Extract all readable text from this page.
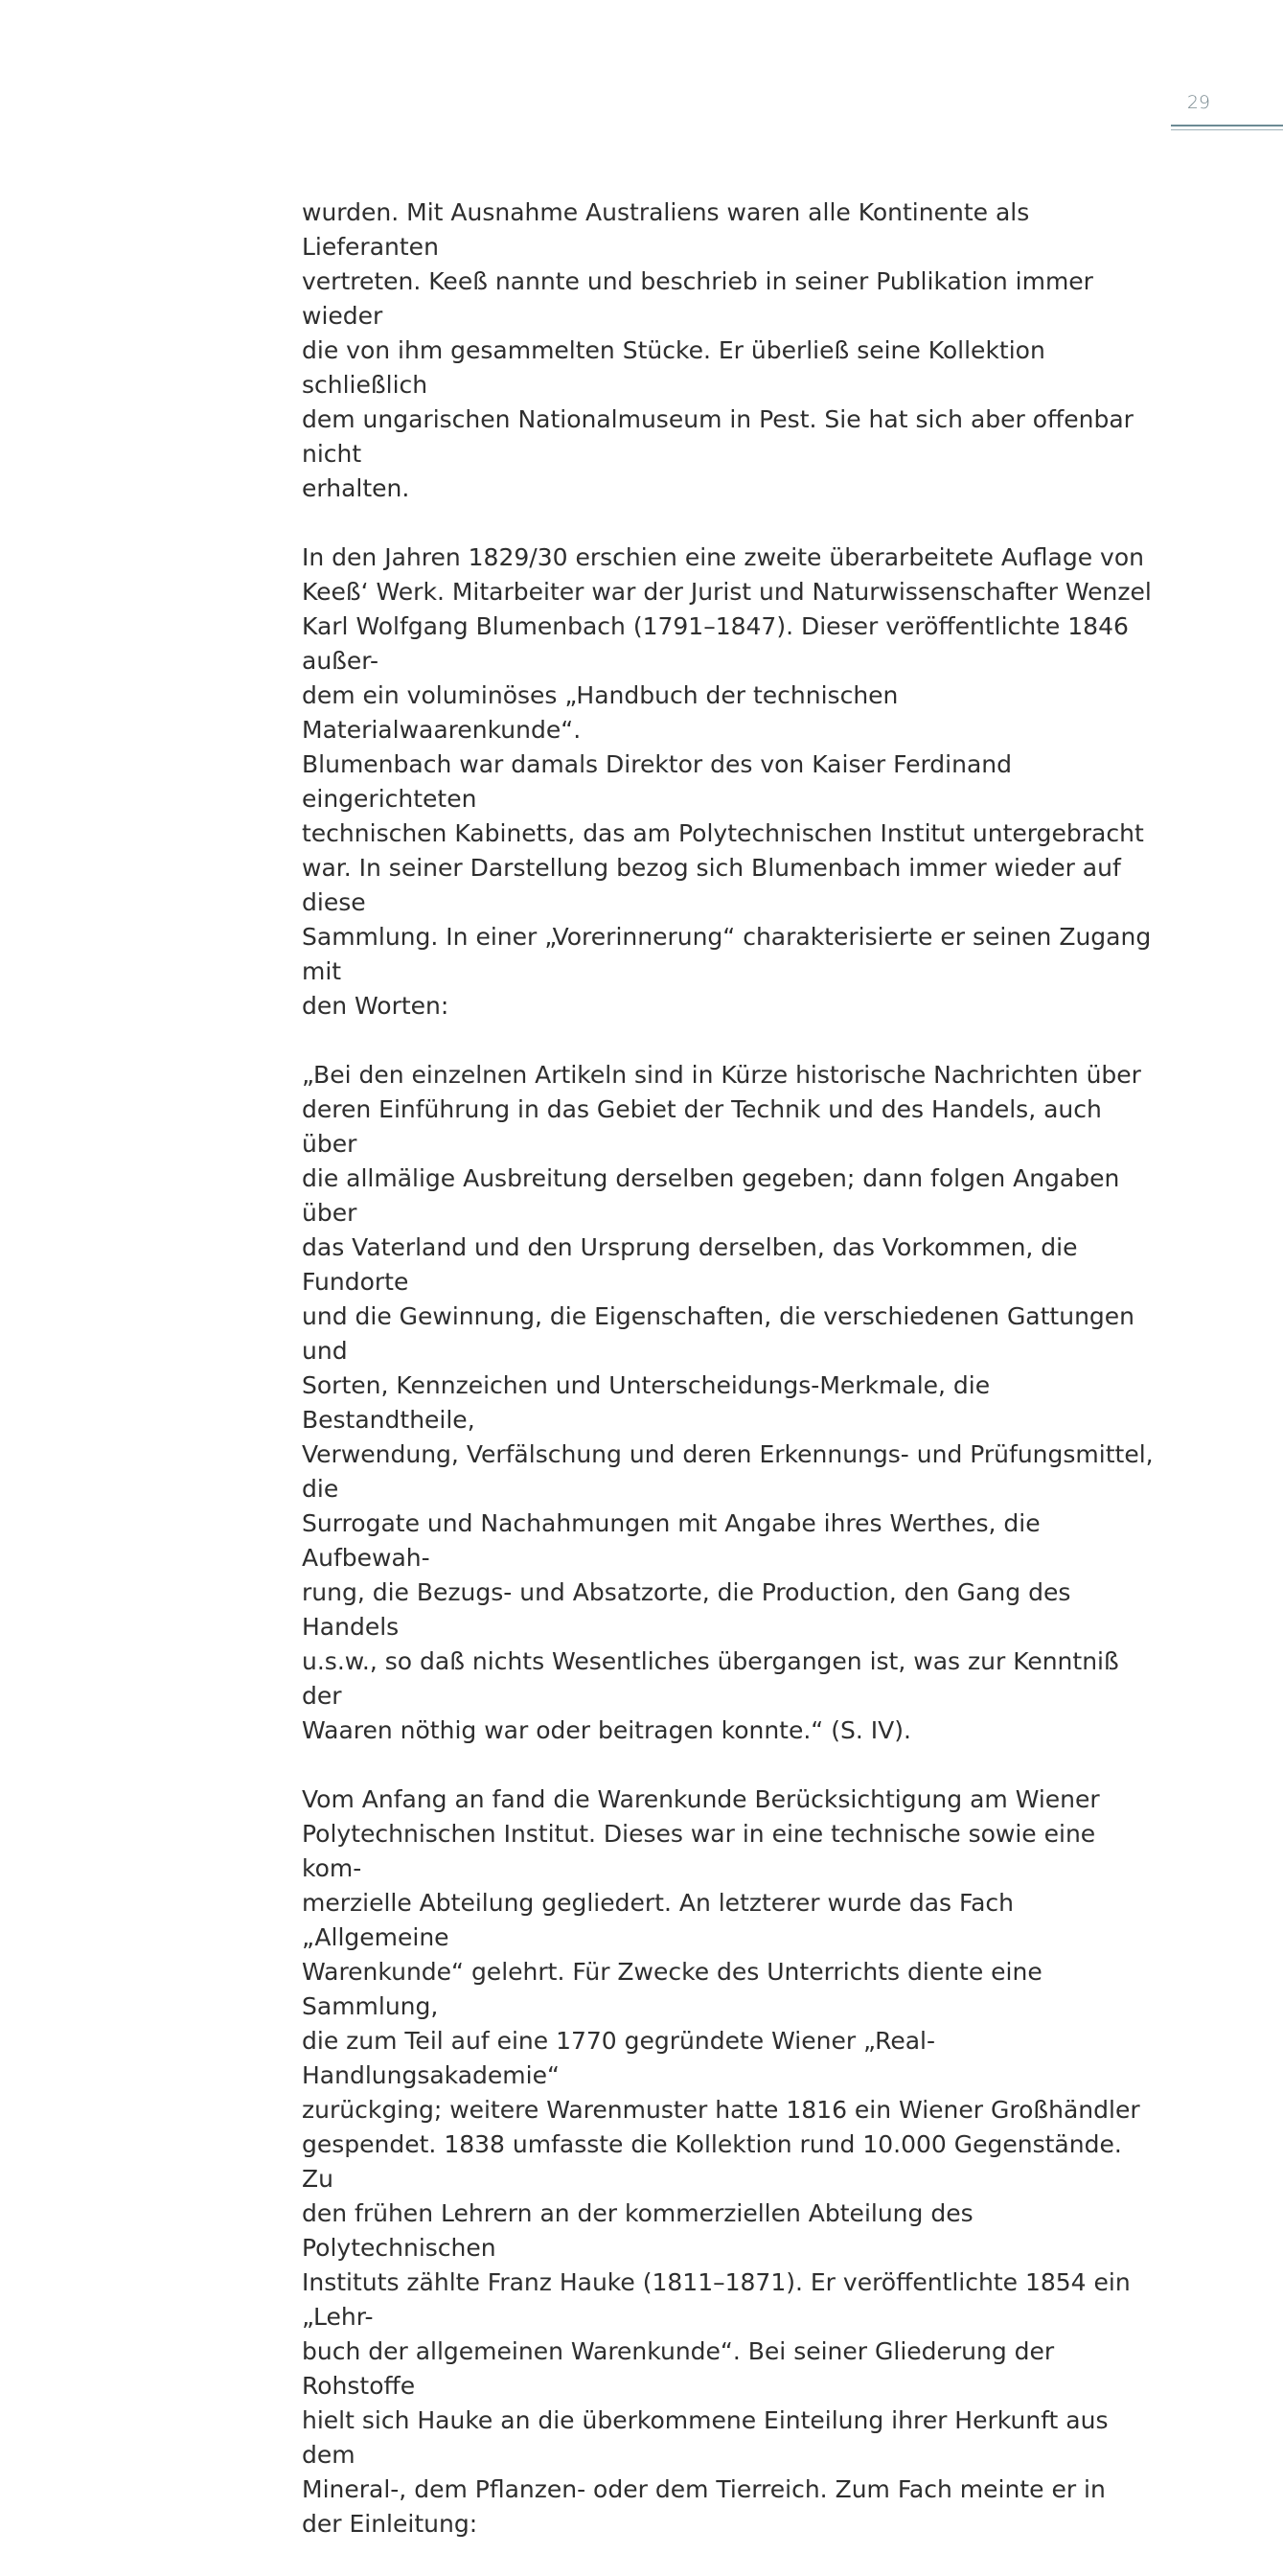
29

wurden. Mit Ausnahme Australiens waren alle Kontinente als Lieferanten
vertreten. Keeß nannte und beschrieb in seiner Publikation immer wieder
die von ihm gesammelten Stücke. Er überließ seine Kollektion schließlich
dem ungarischen Nationalmuseum in Pest. Sie hat sich aber offenbar nicht
erhalten.

In den Jahren 1829/30 erschien eine zweite überarbeitete Auflage von
Keeß‘ Werk. Mitarbeiter war der Jurist und Naturwissenschafter Wenzel
Karl Wolfgang Blumenbach (1791–1847). Dieser veröffentlichte 1846 außer-
dem ein voluminöses „Handbuch der technischen Materialwaarenkunde“.
Blumenbach war damals Direktor des von Kaiser Ferdinand eingerichteten
technischen Kabinetts, das am Polytechnischen Institut untergebracht
war. In seiner Darstellung bezog sich Blumenbach immer wieder auf diese
Sammlung. In einer „Vorerinnerung“ charakterisierte er seinen Zugang mit
den Worten:

„Bei den einzelnen Artikeln sind in Kürze historische Nachrichten über
deren Einführung in das Gebiet der Technik und des Handels, auch über
die allmälige Ausbreitung derselben gegeben; dann folgen Angaben über
das Vaterland und den Ursprung derselben, das Vorkommen, die Fundorte
und die Gewinnung, die Eigenschaften, die verschiedenen Gattungen und
Sorten, Kennzeichen und Unterscheidungs-Merkmale, die Bestandtheile,
Verwendung, Verfälschung und deren Erkennungs- und Prüfungsmittel, die
Surrogate und Nachahmungen mit Angabe ihres Werthes, die Aufbewah-
rung, die Bezugs- und Absatzorte, die Production, den Gang des Handels
u.s.w., so daß nichts Wesentliches übergangen ist, was zur Kenntniß der
Waaren nöthig war oder beitragen konnte.“ (S. IV).

Vom Anfang an fand die Warenkunde Berücksichtigung am Wiener
Polytechnischen Institut. Dieses war in eine technische sowie eine kom-
merzielle Abteilung gegliedert. An letzterer wurde das Fach „Allgemeine
Warenkunde“ gelehrt. Für Zwecke des Unterrichts diente eine Sammlung,
die zum Teil auf eine 1770 gegründete Wiener „Real-Handlungsakademie“
zurückging; weitere Warenmuster hatte 1816 ein Wiener Großhändler
gespendet. 1838 umfasste die Kollektion rund 10.000 Gegenstände. Zu
den frühen Lehrern an der kommerziellen Abteilung des Polytechnischen
Instituts zählte Franz Hauke (1811–1871). Er veröffentlichte 1854 ein „Lehr-
buch der allgemeinen Warenkunde“. Bei seiner Gliederung der Rohstoffe
hielt sich Hauke an die überkommene Einteilung ihrer Herkunft aus dem
Mineral-, dem Pflanzen- oder dem Tierreich. Zum Fach meinte er in
der Einleitung:
